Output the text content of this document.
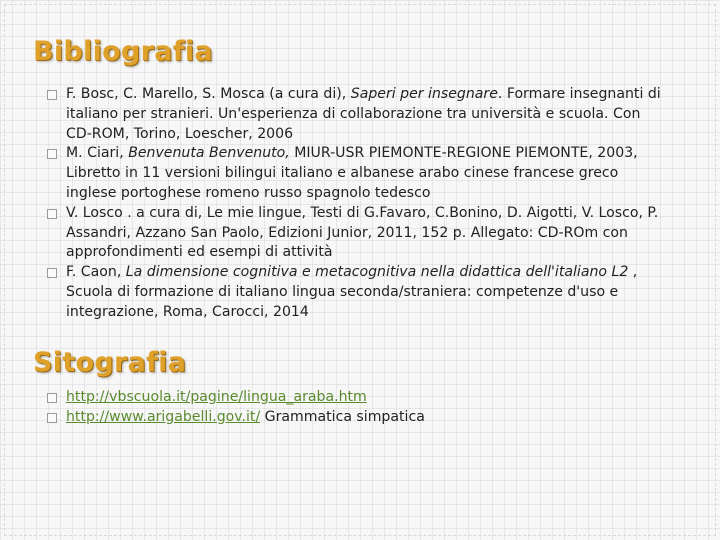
Bibliografia
F. Bosc, C. Marello, S. Mosca (a cura di), Saperi per insegnare. Formare insegnanti di italiano per stranieri. Un'esperienza di collaborazione tra università e scuola. Con CD-ROM, Torino, Loescher, 2006
M. Ciari, Benvenuta Benvenuto, MIUR-USR PIEMONTE-REGIONE PIEMONTE, 2003, Libretto in 11 versioni bilingui italiano e albanese arabo cinese francese greco inglese portoghese romeno russo spagnolo tedesco
V. Losco . a cura di, Le mie lingue, Testi di G.Favaro, C.Bonino, D. Aigotti, V. Losco, P. Assandri, Azzano San Paolo, Edizioni Junior, 2011, 152 p. Allegato: CD-ROm con approfondimenti ed esempi di attività
F. Caon, La dimensione cognitiva e metacognitiva nella didattica dell'italiano L2 , Scuola di formazione di italiano lingua seconda/straniera: competenze d'uso e integrazione, Roma, Carocci, 2014
Sitografia
http://vbscuola.it/pagine/lingua_araba.htm
http://www.arigabelli.gov.it/ Grammatica simpatica
